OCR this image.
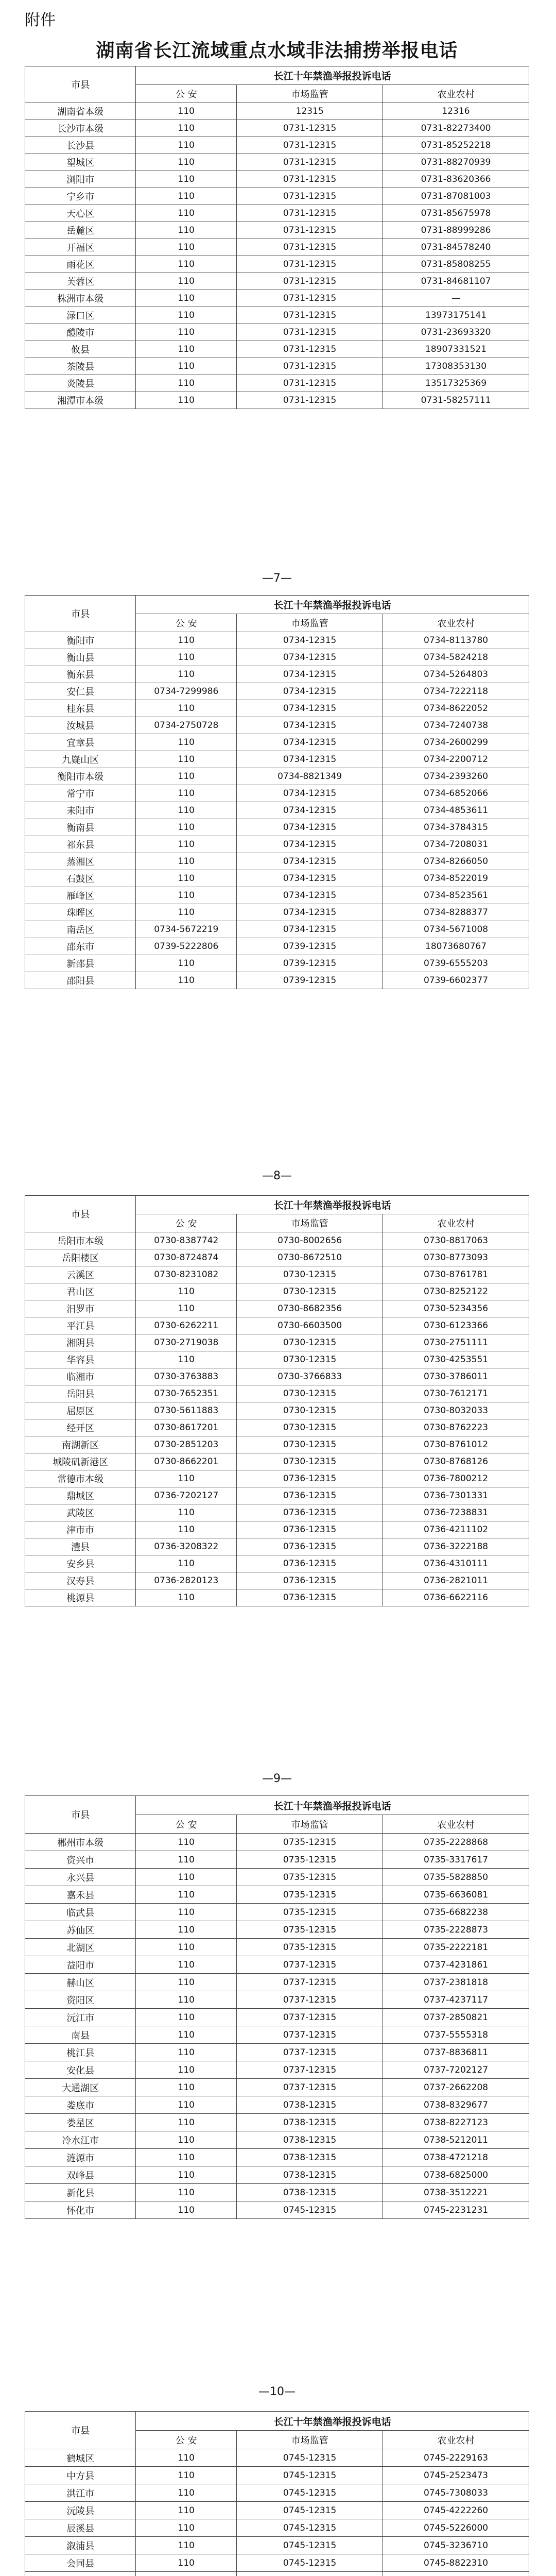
附件
湖南省长江流域重点水域非法捕捞举报电话
市县	长江十年禁渔举报投诉电话		
	公 安	市场监管	农业农村
湖南省本级	110	12315	12316
长沙市本级	110	0731-12315	0731-82273400
长沙县	110	0731-12315	0731-85252218
望城区	110	0731-12315	0731-88270939
浏阳市	110	0731-12315	0731-83620366
宁乡市	110	0731-12315	0731-87081003
天心区	110	0731-12315	0731-85675978
岳麓区	110	0731-12315	0731-88999286
开福区	110	0731-12315	0731-84578240
雨花区	110	0731-12315	0731-85808255
芙蓉区	110	0731-12315	0731-84681107
株洲市本级	110	0731-12315	—
渌口区	110	0731-12315	13973175141
醴陵市	110	0731-12315	0731-23693320
攸县	110	0731-12315	18907331521
茶陵县	110	0731-12315	17308353130
炎陵县	110	0731-12315	13517325369
湘潭市本级	110	0731-12315	0731-58257111
市县	长江十年禁渔举报投诉电话		
	公 安	市场监管	农业农村
衡阳市	110	0734-12315	0734-8113780
衡山县	110	0734-12315	0734-5824218
衡东县	110	0734-12315	0734-5264803
安仁县	0734-7299986	0734-12315	0734-7222118
桂东县	110	0734-12315	0734-8622052
汝城县	0734-2750728	0734-12315	0734-7240738
宜章县	110	0734-12315	0734-2600299
九嶷山区	110	0734-12315	0734-2200712
衡阳市本级	110	0734-8821349	0734-2393260
常宁市	110	0734-12315	0734-6852066
耒阳市	110	0734-12315	0734-4853611
衡南县	110	0734-12315	0734-3784315
祁东县	110	0734-12315	0734-7208031
蒸湘区	110	0734-12315	0734-8266050
石鼓区	110	0734-12315	0734-8522019
雁峰区	110	0734-12315	0734-8523561
珠晖区	110	0734-12315	0734-8288377
南岳区	0734-5672219	0734-12315	0734-5671008
邵东市	0739-5222806	0739-12315	18073680767
新邵县	110	0739-12315	0739-6555203
邵阳县	110	0739-12315	0739-6602377
市县	长江十年禁渔举报投诉电话		
	公 安	市场监管	农业农村
岳阳市本级	0730-8387742	0730-8002656	0730-8817063
岳阳楼区	0730-8724874	0730-8672510	0730-8773093
云溪区	0730-8231082	0730-12315	0730-8761781
君山区	110	0730-12315	0730-8252122
汨罗市	110	0730-8682356	0730-5234356
平江县	0730-6262211	0730-6603500	0730-6123366
湘阴县	0730-2719038	0730-12315	0730-2751111
华容县	110	0730-12315	0730-4253551
临湘市	0730-3763883	0730-3766833	0730-3786011
岳阳县	0730-7652351	0730-12315	0730-7612171
屈原区	0730-5611883	0730-12315	0730-8032033
经开区	0730-8617201	0730-12315	0730-8762223
南湖新区	0730-2851203	0730-12315	0730-8761012
城陵矶新港区	0730-8662201	0730-12315	0730-8768126
常德市本级	110	0736-12315	0736-7800212
鼎城区	0736-7202127	0736-12315	0736-7301331
武陵区	110	0736-12315	0736-7238831
津市市	110	0736-12315	0736-4211102
澧县	0736-3208322	0736-12315	0736-3222188
安乡县	110	0736-12315	0736-4310111
汉寿县	0736-2820123	0736-12315	0736-2821011
桃源县	110	0736-12315	0736-6622116
市县	长江十年禁渔举报投诉电话		
	公 安	市场监管	农业农村
郴州市本级	110	0735-12315	0735-2228868
资兴市	110	0735-12315	0735-3317617
永兴县	110	0735-12315	0735-5828850
嘉禾县	110	0735-12315	0735-6636081
临武县	110	0735-12315	0735-6682238
苏仙区	110	0735-12315	0735-2228873
北湖区	110	0735-12315	0735-2222181
益阳市	110	0737-12315	0737-4231861
赫山区	110	0737-12315	0737-2381818
资阳区	110	0737-12315	0737-4237117
沅江市	110	0737-12315	0737-2850821
南县	110	0737-12315	0737-5555318
桃江县	110	0737-12315	0737-8836811
安化县	110	0737-12315	0737-7202127
大通湖区	110	0737-12315	0737-2662208
娄底市	110	0738-12315	0738-8329677
娄星区	110	0738-12315	0738-8227123
冷水江市	110	0738-12315	0738-5212011
涟源市	110	0738-12315	0738-4721218
双峰县	110	0738-12315	0738-6825000
新化县	110	0738-12315	0738-3512221
怀化市	110	0745-12315	0745-2231231
市县	长江十年禁渔举报投诉电话		
	公 安	市场监管	农业农村
鹤城区	110	0745-12315	0745-2229163
中方县	110	0745-12315	0745-2523473
洪江市	110	0745-12315	0745-7308033
沅陵县	110	0745-12315	0745-4222260
辰溪县	110	0745-12315	0745-5226000
溆浦县	110	0745-12315	0745-3236710
会同县	110	0745-12315	0745-8822310

—7—
—8—
—9—
—10—
